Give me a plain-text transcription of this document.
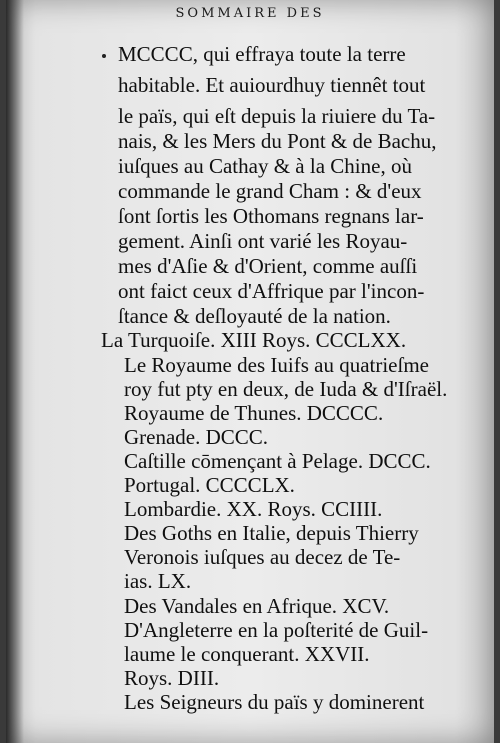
SOMMAIRE DES
MCCCC, qui effraya toute la terre
habitable. Et auiourdhuy tiennêt tout
le païs, qui eſt depuis la riuiere du Ta-
nais, & les Mers du Pont & de Bachu,
iuſques au Cathay & à la Chine, où
commande le grand Cham : & d'eux
ſont ſortis les Othomans regnans lar-
gement. Ainſi ont varié les Royau-
mes d'Aſie & d'Orient, comme auſſi
ont faict ceux d'Affrique par l'incon-
ſtance & deſloyauté de la nation.
La Turquoiſe. XIII Roys. CCCLXX.
Le Royaume des Iuifs au quatrieſme
roy fut pty en deux, de Iuda & d'Iſraël.
Royaume de Thunes. DCCCC.
Grenade. DCCC.
Caſtille cōmençant à Pelage. DCCC.
Portugal. CCCCLX.
Lombardie. XX. Roys. CCIIII.
Des Goths en Italie, depuis Thierry
Veronois iuſques au decez de Te-
ias. LX.
Des Vandales en Afrique. XCV.
D'Angleterre en la poſterité de Guil-
laume le conquerant. XXVII.
Roys. DIII.
Les Seigneurs du païs y dominerent
